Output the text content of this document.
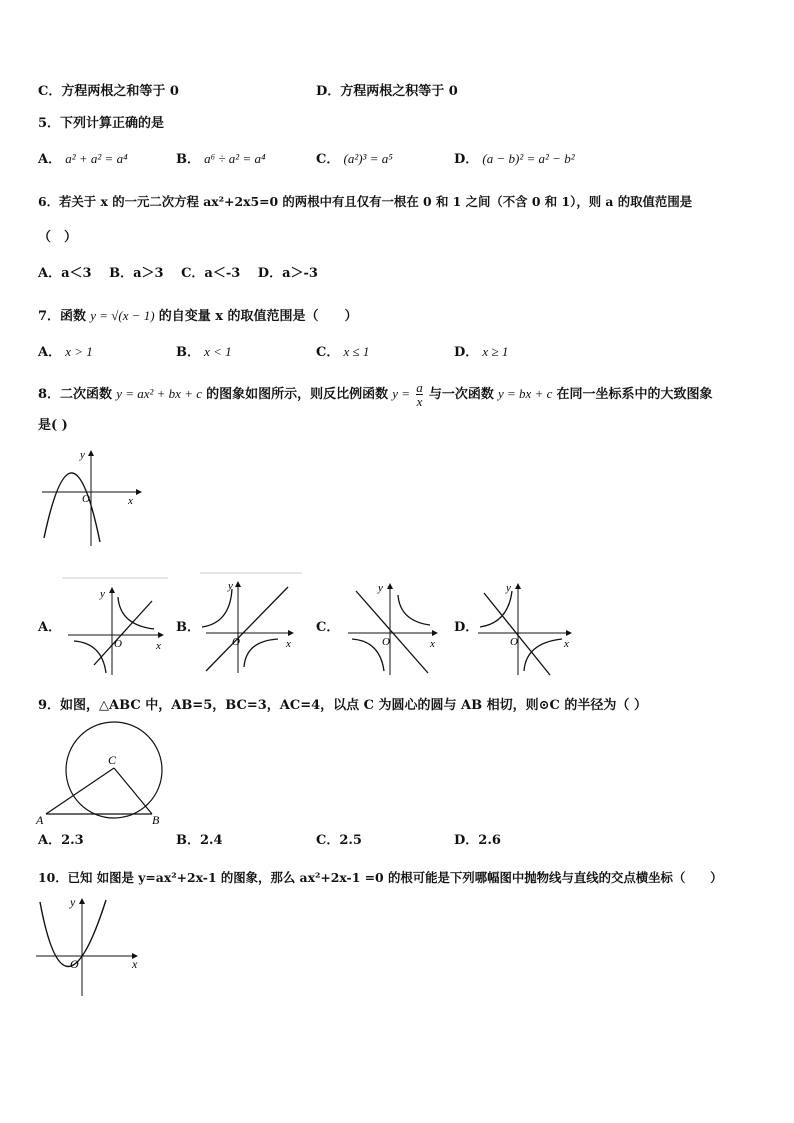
C．方程两根之和等于 0	D．方程两根之积等于 0
5．下列计算正确的是
A． a² + a² = a⁴	B． a⁶ ÷ a² = a⁴	C． (a²)³ = a⁵	D． (a − b)² = a² − b²
6．若关于 x 的一元二次方程 ax²+2x5=0 的两根中有且仅有一根在 0 和 1 之间（不含 0 和 1），则 a 的取值范围是
（　）
A．a＜3　 B．a＞3　 C．a＜-3　 D．a＞-3
7．函数 y = √(x − 1) 的自变量 x 的取值范围是（　　）
A． x > 1	B． x < 1	C． x ≤ 1	D． x ≥ 1
8．二次函数 y = ax² + bx + c 的图象如图所示，则反比例函数 $y = \frac{a}{x}$ 与一次函数 y = bx + c 在同一坐标系中的大致图象
是( )
x
y
O
A．
x
y
O
B．
x
y
O
C．
x
y
O
D．
x
y
O
9．如图，△ABC 中，AB=5，BC=3，AC=4，以点 C 为圆心的圆与 AB 相切，则⊙C 的半径为（ ）
A	B
C
A．2.3	B．2.4	C．2.5	D．2.6
10．已知 如图是 y=ax²+2x-1 的图象，那么 ax²+2x-1 =0 的根可能是下列哪幅图中抛物线与直线的交点横坐标（　　）
x
y
O
